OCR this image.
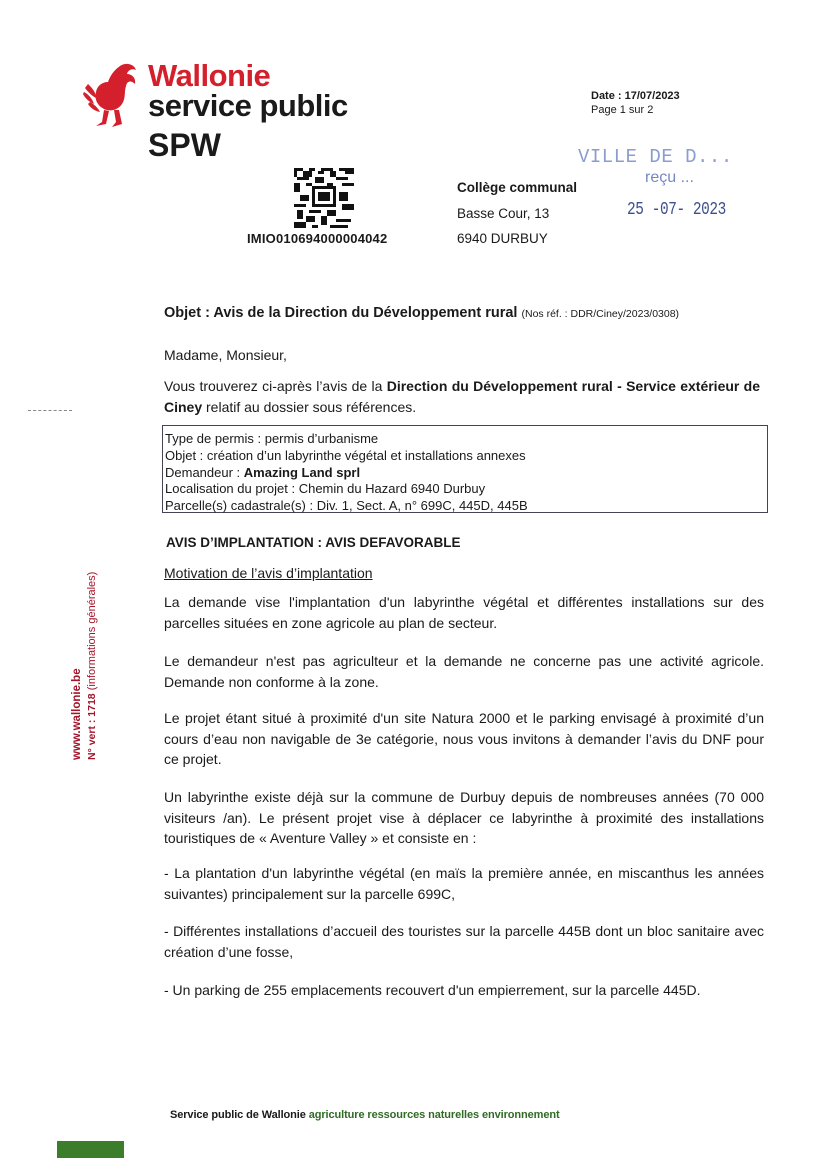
Wallonie
service public
SPW
Date : 17/07/2023
Page 1 sur 2
VILLE DE D...
reçu ...
25 -07- 2023
IMIO010694000004042
Collège communal
Basse Cour, 13
6940 DURBUY
www.wallonie.be N° vert : 1718 (informations générales)
Objet : Avis de la Direction du Développement rural (Nos réf. : DDR/Ciney/2023/0308)
Madame, Monsieur,
Vous trouverez ci-après l’avis de la Direction du Développement rural - Service extérieur de Ciney relatif au dossier sous références.
Type de permis : permis d’urbanisme
Objet : création d’un labyrinthe végétal et installations annexes
Demandeur : Amazing Land sprl
Localisation du projet : Chemin du Hazard 6940 Durbuy
Parcelle(s) cadastrale(s) : Div. 1, Sect. A, n° 699C, 445D, 445B
AVIS D’IMPLANTATION : AVIS DEFAVORABLE
Motivation de l’avis d’implantation
La demande vise l'implantation d'un labyrinthe végétal et différentes installations sur des parcelles situées en zone agricole au plan de secteur.
Le demandeur n'est pas agriculteur et la demande ne concerne pas une activité agricole. Demande non conforme à la zone.
Le projet étant situé à proximité d'un site Natura 2000 et le parking envisagé à proximité d’un cours d’eau non navigable de 3e catégorie, nous vous invitons à demander l’avis du DNF pour ce projet.
Un labyrinthe existe déjà sur la commune de Durbuy depuis de nombreuses années (70 000 visiteurs /an). Le présent projet vise à déplacer ce labyrinthe à proximité des installations touristiques de « Aventure Valley » et consiste en :
- La plantation d'un labyrinthe végétal (en maïs la première année, en miscanthus les années suivantes) principalement sur la parcelle 699C,
- Différentes installations d’accueil des touristes sur la parcelle 445B dont un bloc sanitaire avec création d’une fosse,
- Un parking de 255 emplacements recouvert d'un empierrement, sur la parcelle 445D.
Service public de Wallonie agriculture ressources naturelles environnement
